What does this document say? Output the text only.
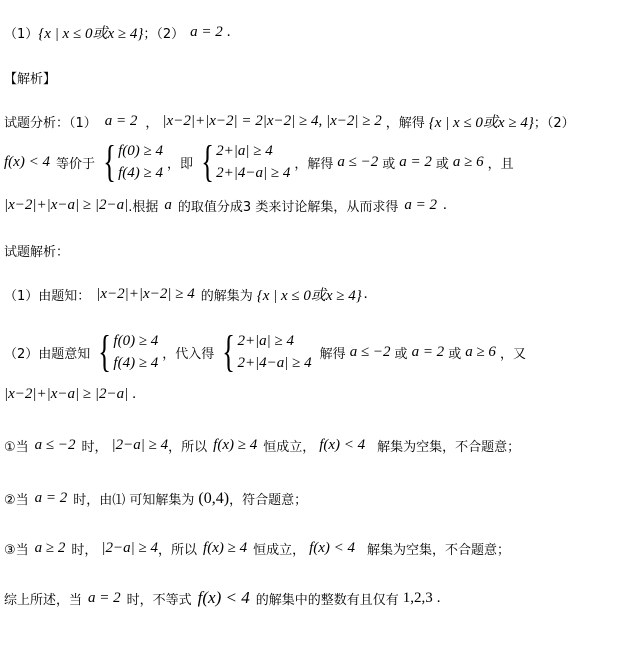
（1） {x | x ≤ 0或x ≥ 4} ；（2） a = 2 .
【解析】
试题分析：（1） a = 2 ， |x−2|+|x−2| = 2|x−2| ≥ 4, |x−2| ≥ 2 ，解得 {x | x ≤ 0或x ≥ 4} ；（2）
f(x) < 4 等价于 { f(0) ≥ 4
f(4) ≥ 4
，即 { 2+|a| ≥ 4
2+|4−a| ≥ 4
，解得 a ≤ −2 或 a = 2 或 a ≥ 6 ，且
|x−2|+|x−a| ≥ |2−a| .根据 a 的取值分成3 类来讨论解集，从而求得 a = 2 .
试题解析：
（1）由题知： |x−2|+|x−2| ≥ 4 的解集为 {x | x ≤ 0或x ≥ 4} .
（2）由题意知 { f(0) ≥ 4
f(4) ≥ 4
，代入得 { 2+|a| ≥ 4
2+|4−a| ≥ 4
解得 a ≤ −2 或 a = 2 或 a ≥ 6 ，又
|x−2|+|x−a| ≥ |2−a| .
①当 a ≤ −2 时， |2−a| ≥ 4 ，所以 f(x) ≥ 4 恒成立， f(x) < 4 解集为空集，不合题意；
②当 a = 2 时，由⑴ 可知解集为 (0,4) ，符合题意；
③当 a ≥ 2 时， |2−a| ≥ 4 ，所以 f(x) ≥ 4 恒成立， f(x) < 4 解集为空集，不合题意；
综上所述，当 a = 2 时，不等式 f(x) < 4 的解集中的整数有且仅有 1,2,3 .
